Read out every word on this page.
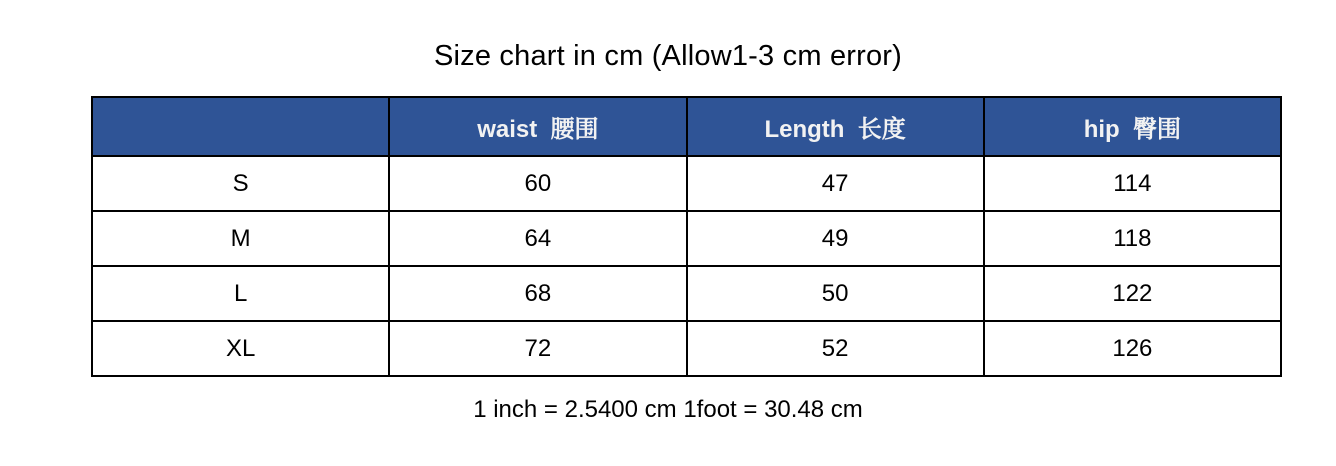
Size chart in cm (Allow1-3 cm error)
	waist  腰围	Length  长度	hip  臀围
S	60	47	114
M	64	49	118
L	68	50	122
XL	72	52	126
1 inch = 2.5400 cm 1foot = 30.48 cm
